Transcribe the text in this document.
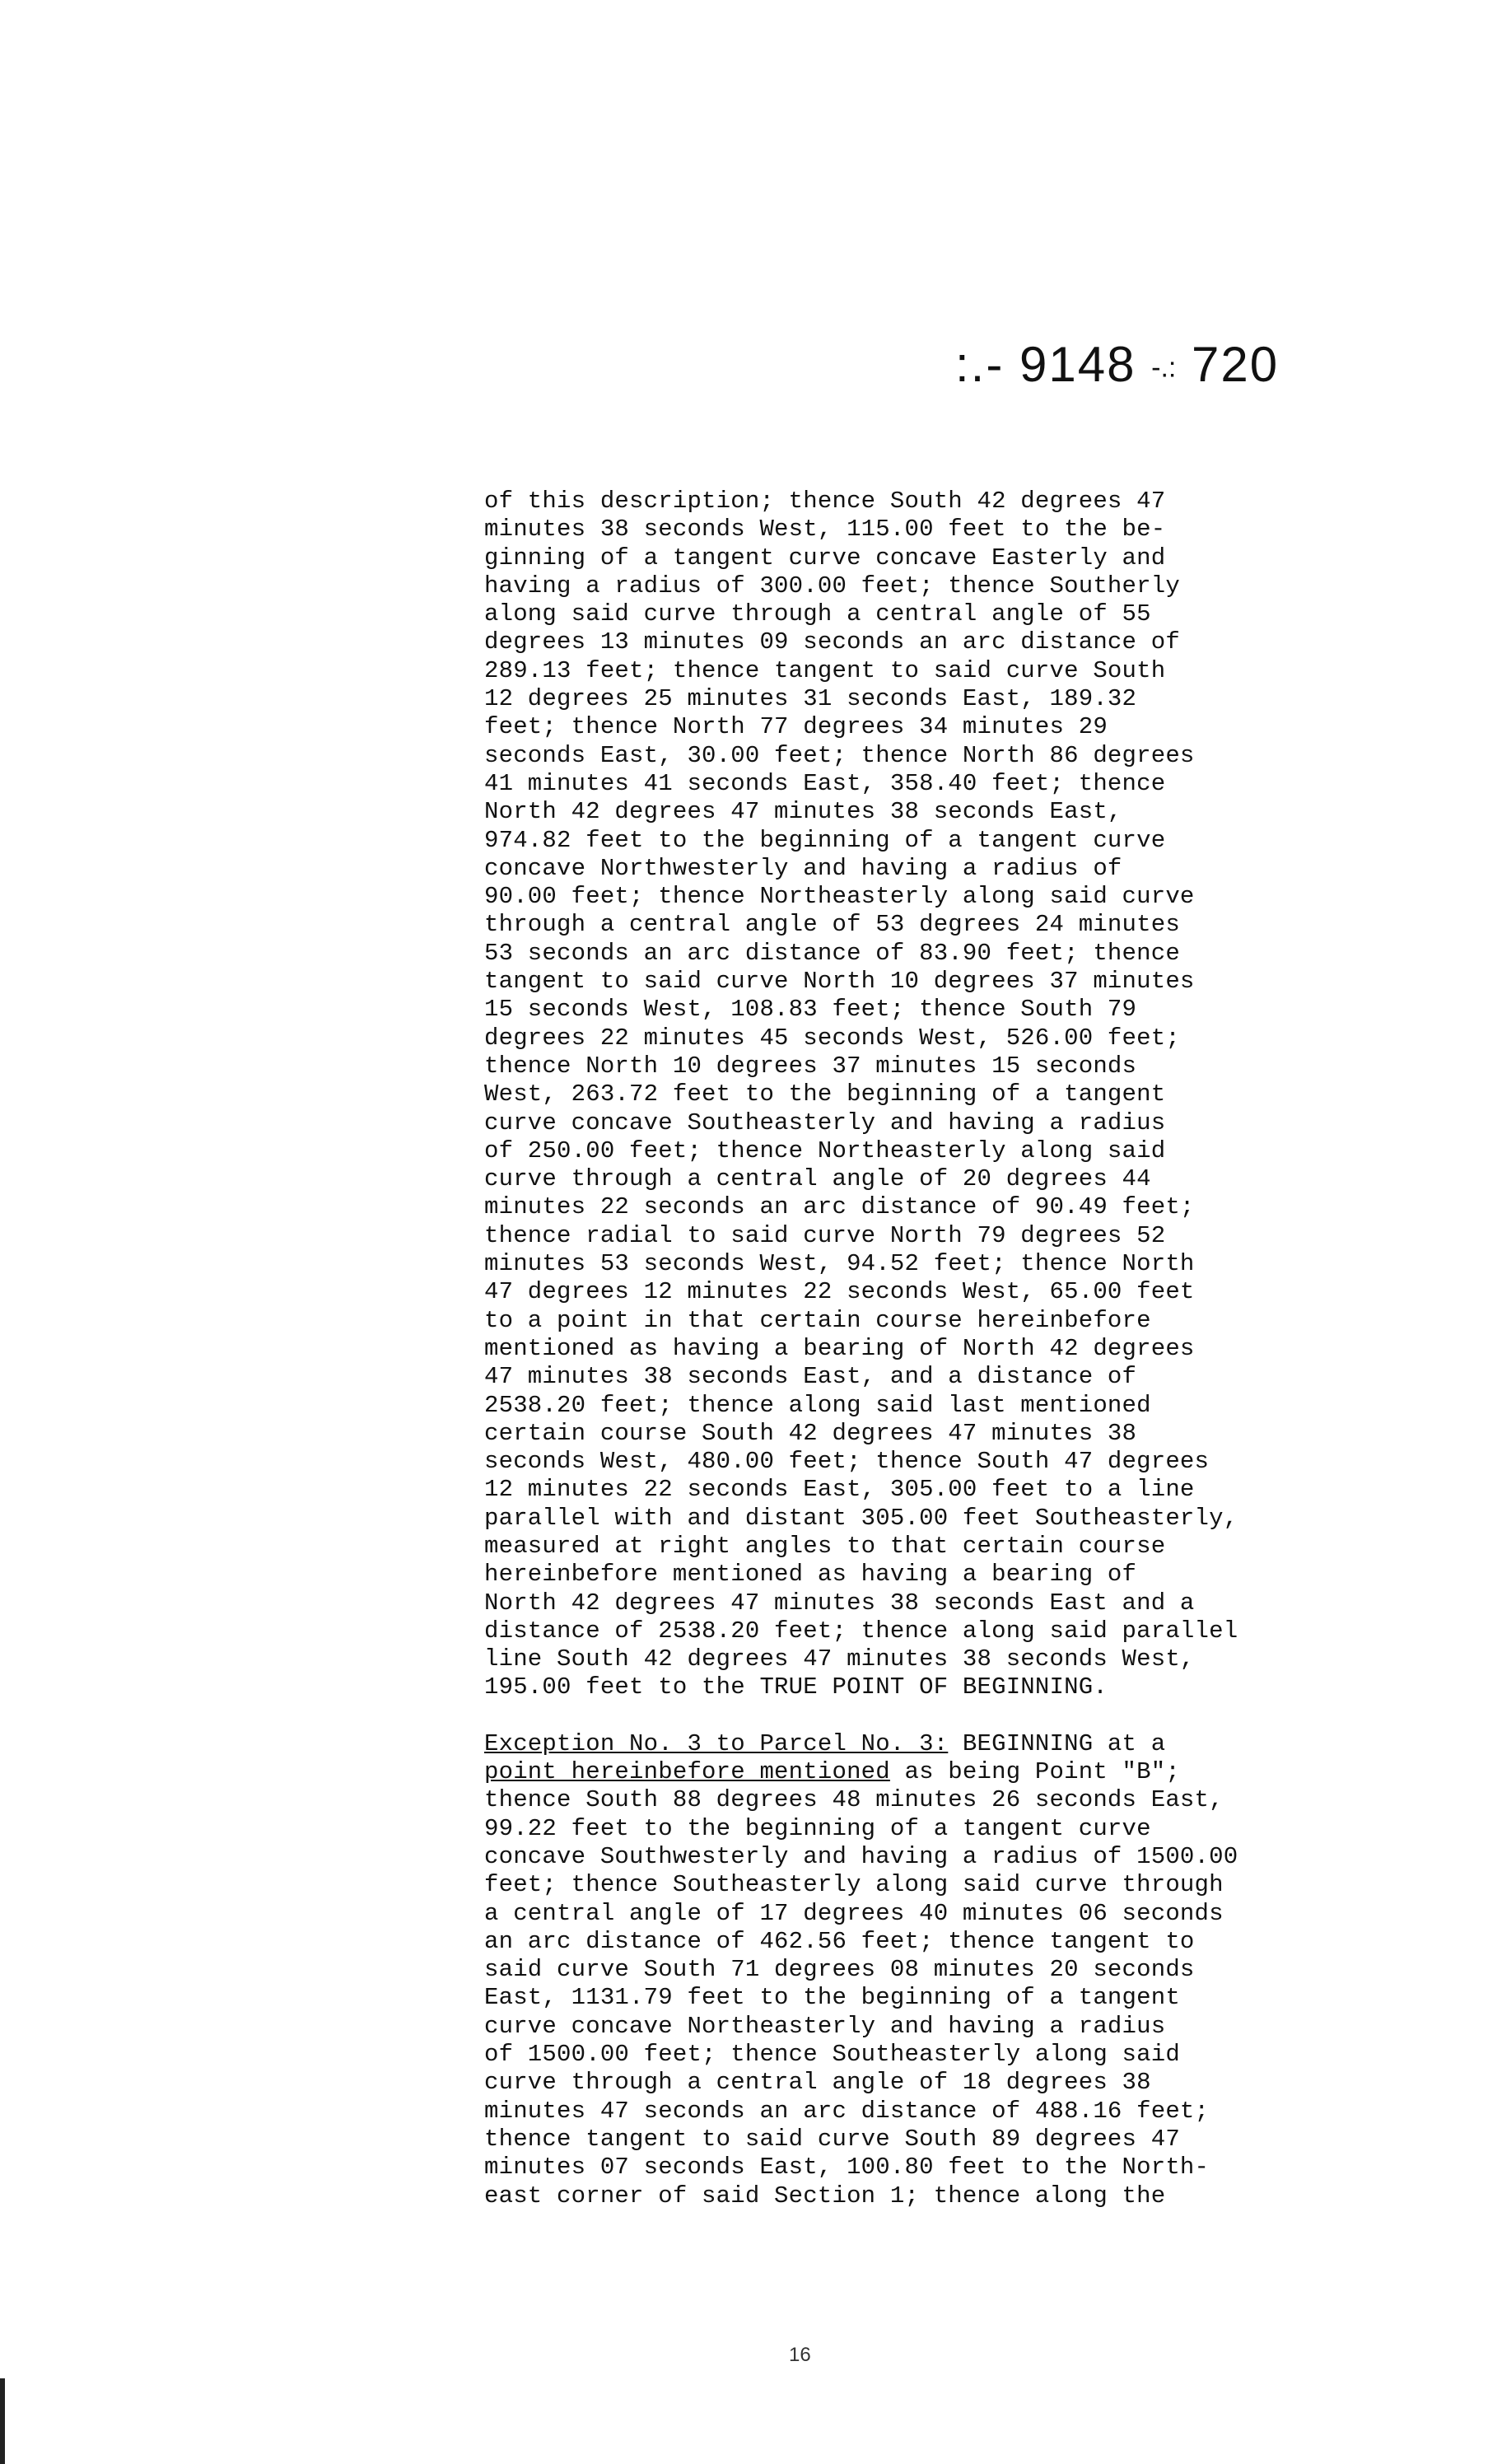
:.- 9148 -.: 720
of this description; thence South 42 degrees 47
minutes 38 seconds West, 115.00 feet to the be-
ginning of a tangent curve concave Easterly and
having a radius of 300.00 feet; thence Southerly
along said curve through a central angle of 55
degrees 13 minutes 09 seconds an arc distance of
289.13 feet; thence tangent to said curve South
12 degrees 25 minutes 31 seconds East, 189.32
feet; thence North 77 degrees 34 minutes 29
seconds East, 30.00 feet; thence North 86 degrees
41 minutes 41 seconds East, 358.40 feet; thence
North 42 degrees 47 minutes 38 seconds East,
974.82 feet to the beginning of a tangent curve
concave Northwesterly and having a radius of
90.00 feet; thence Northeasterly along said curve
through a central angle of 53 degrees 24 minutes
53 seconds an arc distance of 83.90 feet; thence
tangent to said curve North 10 degrees 37 minutes
15 seconds West, 108.83 feet; thence South 79
degrees 22 minutes 45 seconds West, 526.00 feet;
thence North 10 degrees 37 minutes 15 seconds
West, 263.72 feet to the beginning of a tangent
curve concave Southeasterly and having a radius
of 250.00 feet; thence Northeasterly along said
curve through a central angle of 20 degrees 44
minutes 22 seconds an arc distance of 90.49 feet;
thence radial to said curve North 79 degrees 52
minutes 53 seconds West, 94.52 feet; thence North
47 degrees 12 minutes 22 seconds West, 65.00 feet
to a point in that certain course hereinbefore
mentioned as having a bearing of North 42 degrees
47 minutes 38 seconds East, and a distance of
2538.20 feet; thence along said last mentioned
certain course South 42 degrees 47 minutes 38
seconds West, 480.00 feet; thence South 47 degrees
12 minutes 22 seconds East, 305.00 feet to a line
parallel with and distant 305.00 feet Southeasterly,
measured at right angles to that certain course
hereinbefore mentioned as having a bearing of
North 42 degrees 47 minutes 38 seconds East and a
distance of 2538.20 feet; thence along said parallel
line South 42 degrees 47 minutes 38 seconds West,
195.00 feet to the TRUE POINT OF BEGINNING.
Exception No. 3 to Parcel No. 3: BEGINNING at a
point hereinbefore mentioned as being Point "B";
thence South 88 degrees 48 minutes 26 seconds East,
99.22 feet to the beginning of a tangent curve
concave Southwesterly and having a radius of 1500.00
feet; thence Southeasterly along said curve through
a central angle of 17 degrees 40 minutes 06 seconds
an arc distance of 462.56 feet; thence tangent to
said curve South 71 degrees 08 minutes 20 seconds
East, 1131.79 feet to the beginning of a tangent
curve concave Northeasterly and having a radius
of 1500.00 feet; thence Southeasterly along said
curve through a central angle of 18 degrees 38
minutes 47 seconds an arc distance of 488.16 feet;
thence tangent to said curve South 89 degrees 47
minutes 07 seconds East, 100.80 feet to the North-
east corner of said Section 1; thence along the
16
